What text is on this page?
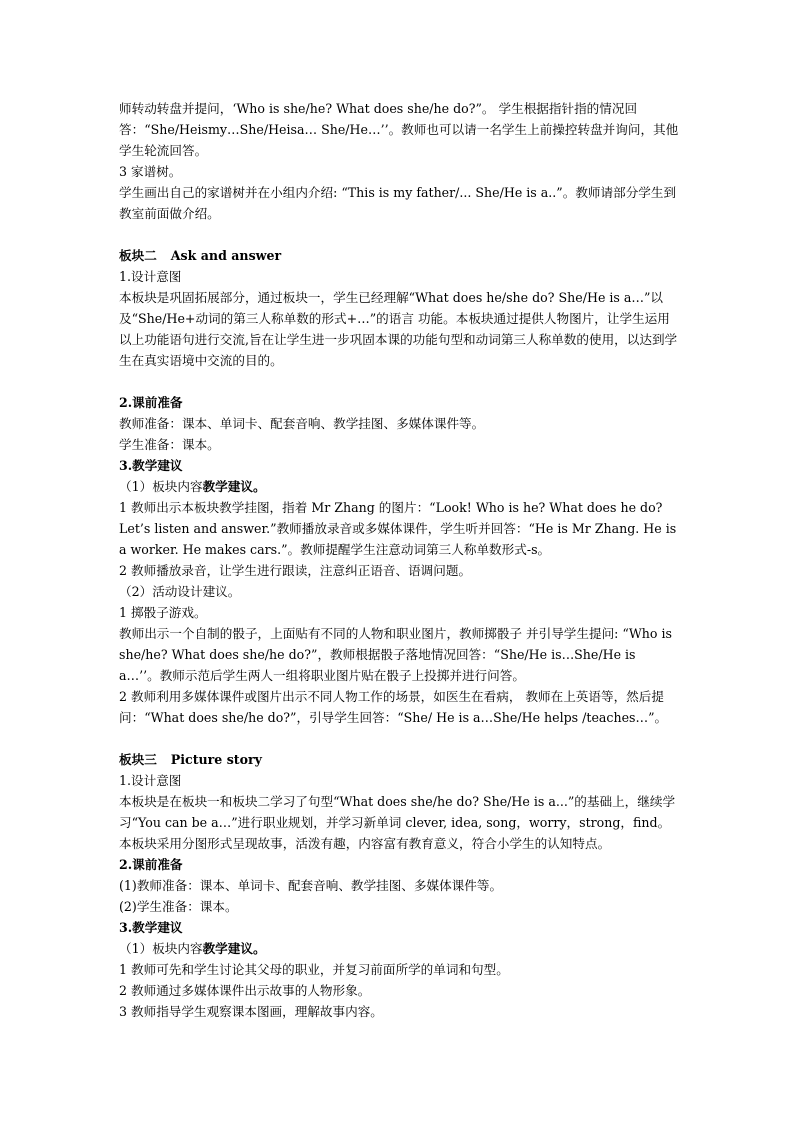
师转动转盘并提问，‘Who is she/he? What does she/he do?”。 学生根据指针指的情况回答：“She/Heismy…She/Heisa… She/He…’’。教师也可以请一名学生上前操控转盘并询问，其他学生轮流回答。

3 家谱树。

学生画出自己的家谱树并在小组内介绍: “This is my father/... She/He is a..”。教师请部分学生到教室前面做介绍。

板块二 Ask and answer

1.设计意图

本板块是巩固拓展部分，通过板块一，学生已经理解“What does he/she do? She/He is a…”以及“She/He+动词的第三人称单数的形式+…”的语言 功能。本板块通过提供人物图片，让学生运用以上功能语句进行交流,旨在让学生进一步巩固本课的功能句型和动词第三人称单数的使用，以达到学生在真实语境中交流的目的。

2.课前准备

教师准备：课本、单词卡、配套音响、教学挂图、多媒体课件等。

学生准备：课本。

3.教学建议

（1）板块内容教学建议。

1 教师出示本板块教学挂图，指着 Mr Zhang 的图片：“Look! Who is he? What does he do? Let’s listen and answer.”教师播放录音或多媒体课件，学生听并回答：“He is Mr Zhang. He is a worker. He makes cars.”。教师提醒学生注意动词第三人称单数形式-s。

2 教师播放录音，让学生进行跟读，注意纠正语音、语调问题。

（2）活动设计建议。

1 掷骰子游戏。

教师出示一个自制的骰子，上面贴有不同的人物和职业图片，教师掷骰子 并引导学生提问: “Who is she/he? What does she/he do?”，教师根据骰子落地情况回答：“She/He is…She/He is a…’’。教师示范后学生两人一组将职业图片贴在骰子上投掷并进行问答。

2 教师利用多媒体课件或图片出示不同人物工作的场景，如医生在看病， 教师在上英语等，然后提问：“What does she/he do?”，引导学生回答：“She/ He is a…She/He helps /teaches…”。

板块三 Picture story

1.设计意图

本板块是在板块一和板块二学习了句型“What does she/he do? She/He is a...”的基础上，继续学习“You can be a…”进行职业规划，并学习新单词 clever, idea, song，worry，strong，find。本板块采用分图形式呈现故事，活泼有趣，内容富有教育意义，符合小学生的认知特点。

2.课前准备

(1)教师准备：课本、单词卡、配套音响、教学挂图、多媒体课件等。

(2)学生准备：课本。

3.教学建议

（1）板块内容教学建议。

1 教师可先和学生讨论其父母的职业，并复习前面所学的单词和句型。

2 教师通过多媒体课件出示故事的人物形象。

3 教师指导学生观察课本图画，理解故事内容。
